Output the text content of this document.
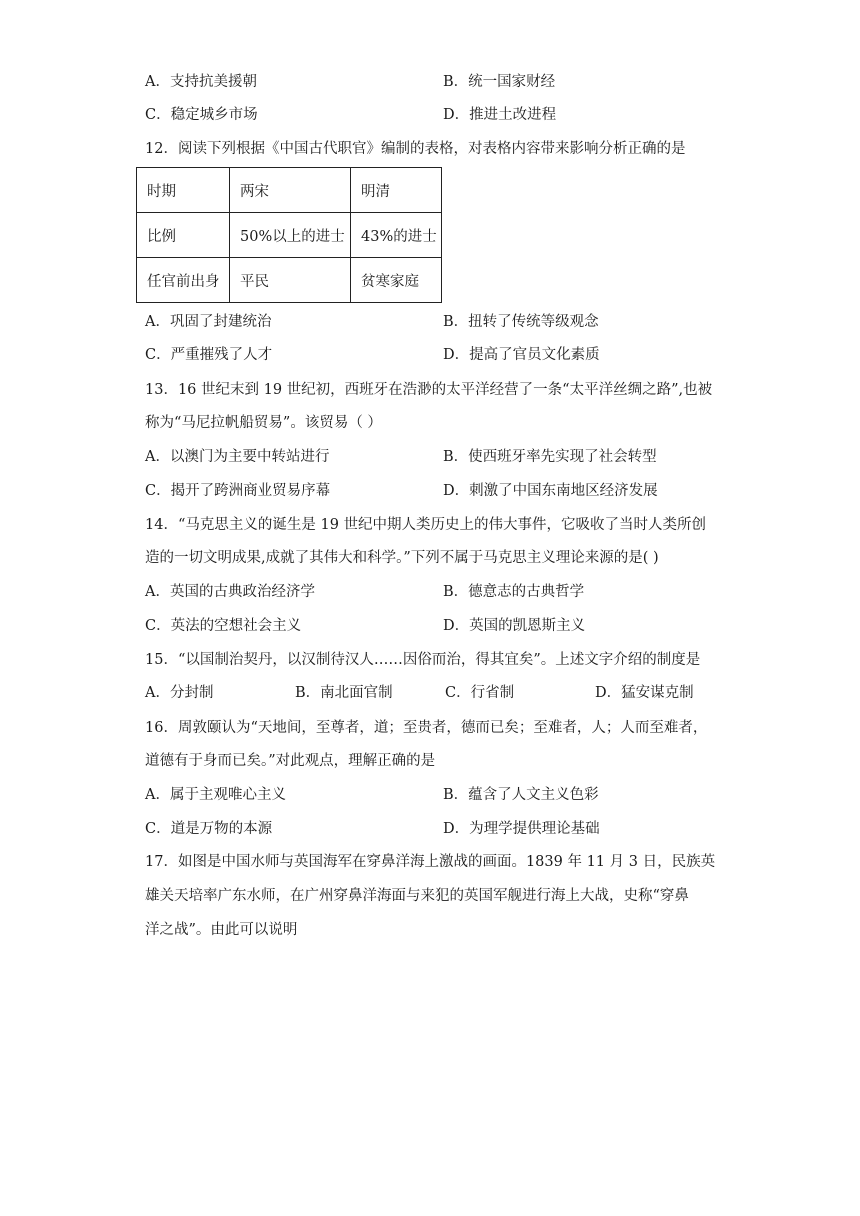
A．支持抗美援朝	B．统一国家财经
C．稳定城乡市场	D．推进土改进程
12．阅读下列根据《中国古代职官》编制的表格，对表格内容带来影响分析正确的是
时期	两宋	明清
比例	50%以上的进士	43%的进士
任官前出身	平民	贫寒家庭
A．巩固了封建统治	B．扭转了传统等级观念
C．严重摧残了人才	D．提高了官员文化素质
13．16 世纪末到 19 世纪初，西班牙在浩渺的太平洋经营了一条“太平洋丝绸之路”,也被
称为“马尼拉帆船贸易”。该贸易（ ）
A．以澳门为主要中转站进行	B．使西班牙率先实现了社会转型
C．揭开了跨洲商业贸易序幕	D．刺激了中国东南地区经济发展
14．“马克思主义的诞生是 19 世纪中期人类历史上的伟大事件，它吸收了当时人类所创
造的一切文明成果,成就了其伟大和科学。”下列不属于马克思主义理论来源的是( )
A．英国的古典政治经济学	B．德意志的古典哲学
C．英法的空想社会主义	D．英国的凯恩斯主义
15．“以国制治契丹，以汉制待汉人……因俗而治，得其宜矣”。上述文字介绍的制度是
A．分封制	B．南北面官制	C．行省制	D．猛安谋克制
16．周敦颐认为“天地间，至尊者，道；至贵者，德而已矣；至难者，人；人而至难者，
道德有于身而已矣。”对此观点，理解正确的是
A．属于主观唯心主义	B．蕴含了人文主义色彩
C．道是万物的本源	D．为理学提供理论基础
17．如图是中国水师与英国海军在穿鼻洋海上激战的画面。1839 年 11 月 3 日，民族英
雄关天培率广东水师，在广州穿鼻洋海面与来犯的英国军舰进行海上大战，史称“穿鼻
洋之战”。由此可以说明
